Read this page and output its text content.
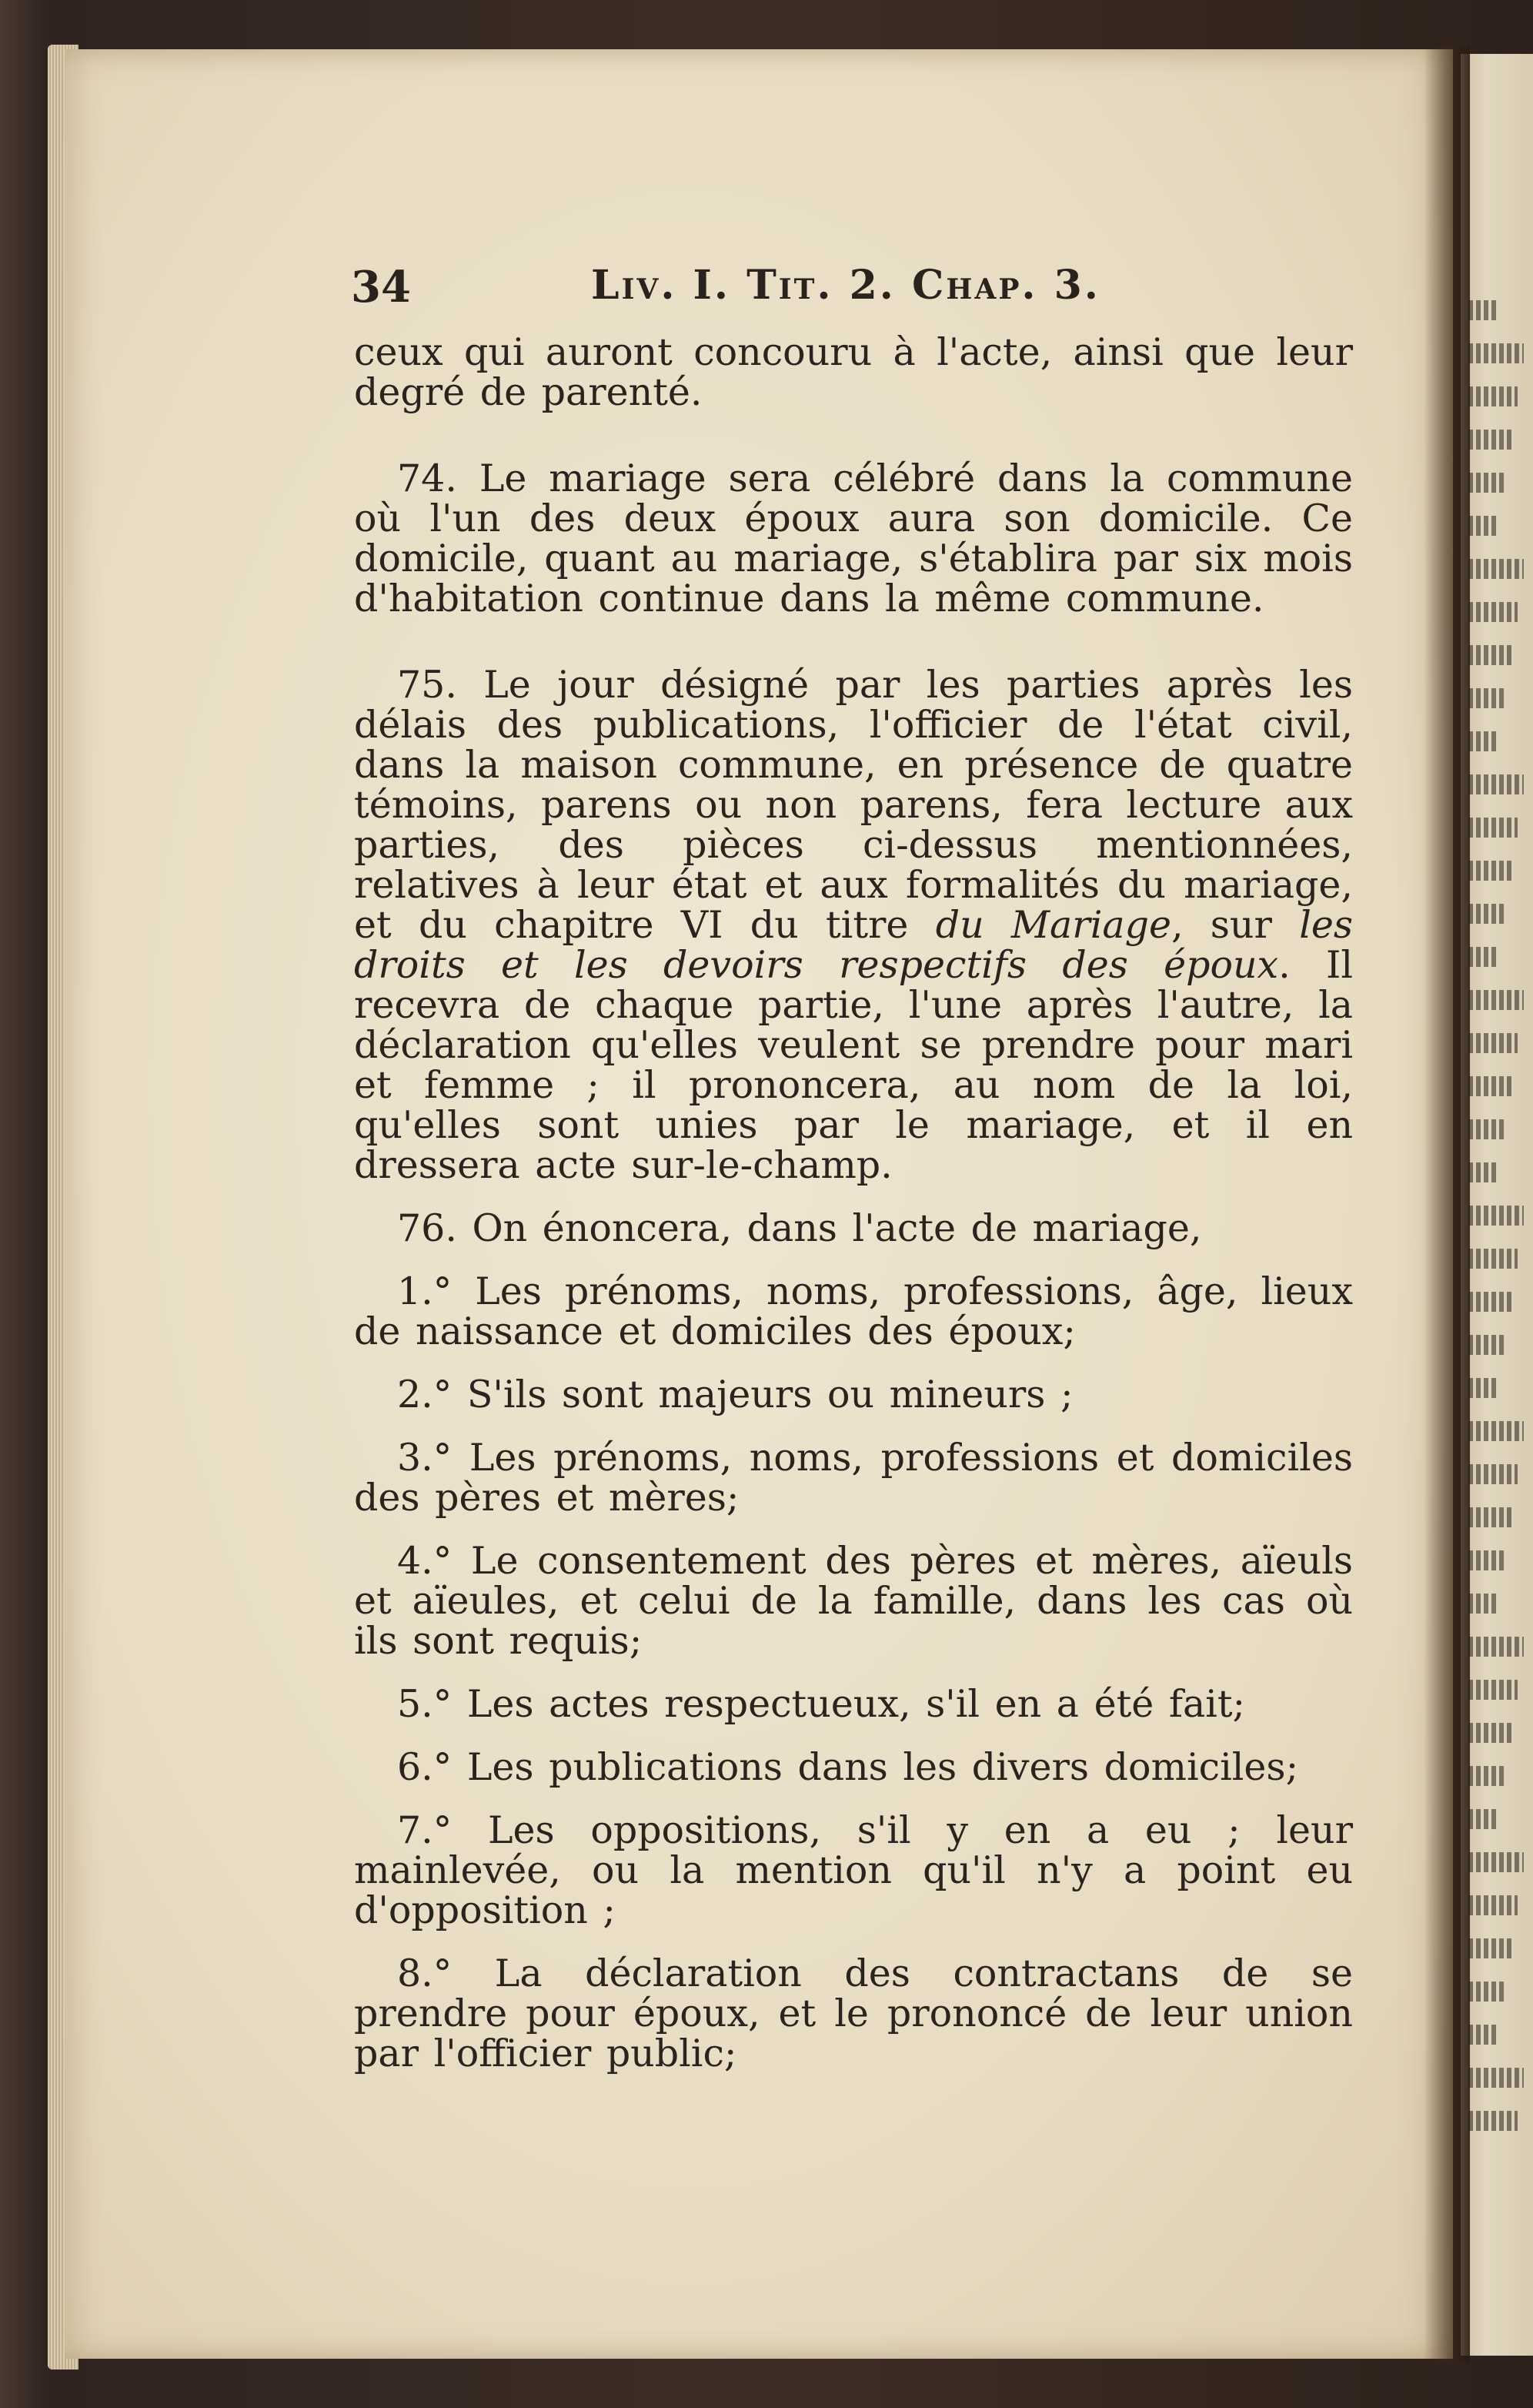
34	Liv. I. Tit. 2. Chap. 3.

ceux qui auront concouru à l'acte, ainsi que leur degré de parenté.

74. Le mariage sera célébré dans la commune où l'un des deux époux aura son domicile. Ce domicile, quant au mariage, s'établira par six mois d'habitation continue dans la même commune.

75. Le jour désigné par les parties après les délais des publications, l'officier de l'état civil, dans la maison commune, en présence de quatre témoins, parens ou non parens, fera lecture aux parties, des pièces ci-dessus mentionnées, relatives à leur état et aux formalités du mariage, et du chapitre VI du titre du Mariage, sur les droits et les devoirs respectifs des époux. Il recevra de chaque partie, l'une après l'autre, la déclaration qu'elles veulent se prendre pour mari et femme ; il prononcera, au nom de la loi, qu'elles sont unies par le mariage, et il en dressera acte sur-le-champ.

76. On énoncera, dans l'acte de mariage,

1.° Les prénoms, noms, professions, âge, lieux de naissance et domiciles des époux;

2.° S'ils sont majeurs ou mineurs ;

3.° Les prénoms, noms, professions et domiciles des pères et mères;

4.° Le consentement des pères et mères, aïeuls et aïeules, et celui de la famille, dans les cas où ils sont requis;

5.° Les actes respectueux, s'il en a été fait;

6.° Les publications dans les divers domiciles;

7.° Les oppositions, s'il y en a eu ; leur mainlevée, ou la mention qu'il n'y a point eu d'opposition ;

8.° La déclaration des contractans de se prendre pour époux, et le prononcé de leur union par l'officier public;
